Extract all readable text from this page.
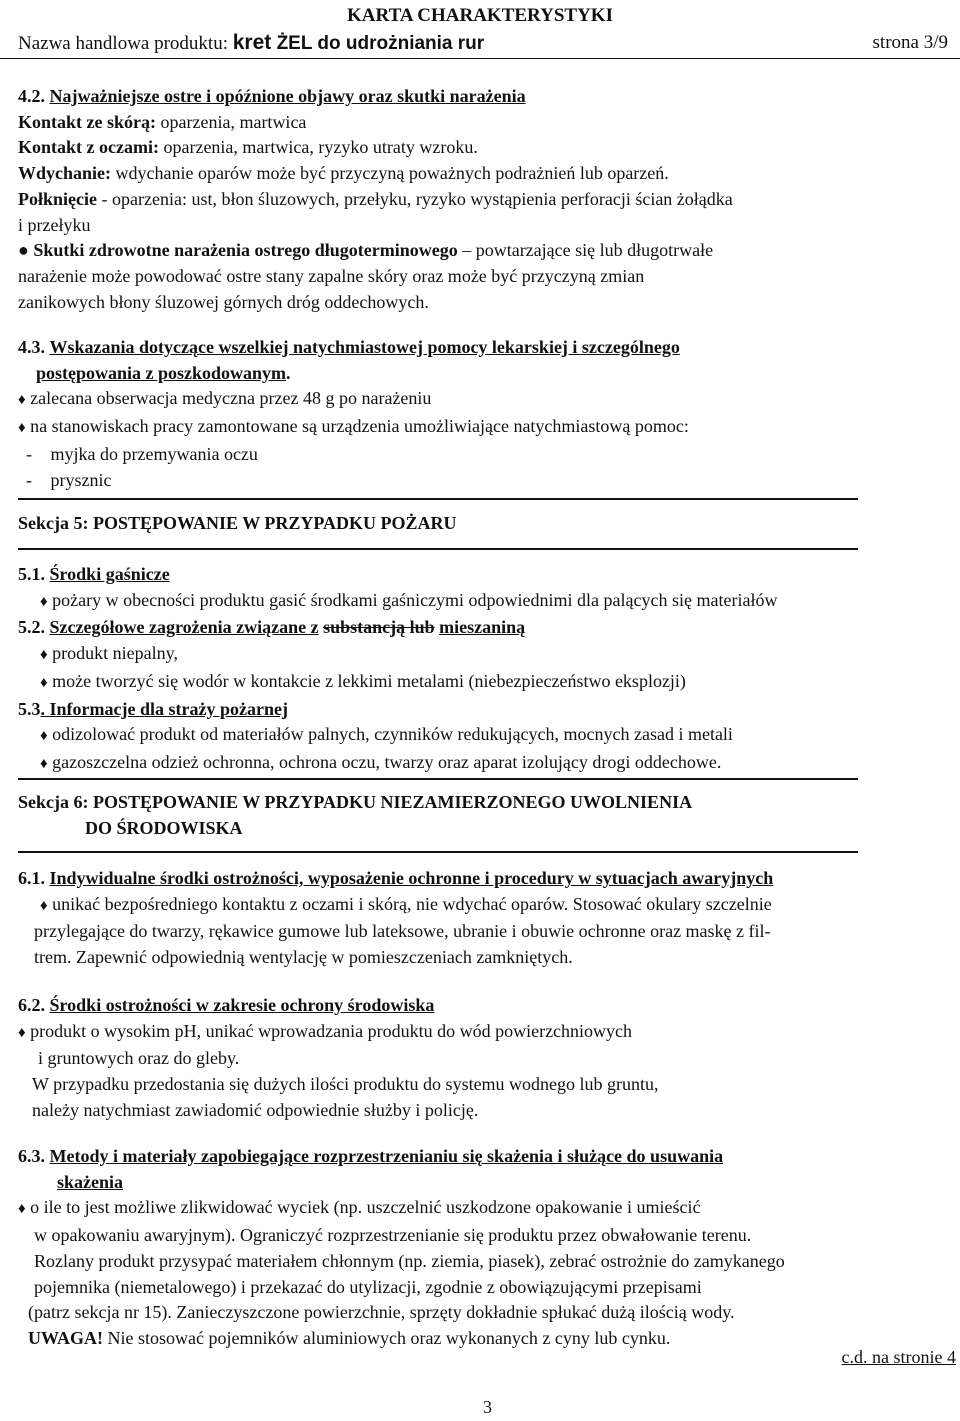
KARTA CHARAKTERYSTYKI
Nazwa handlowa produktu: kret ŻEL do udrożniania rur	strona 3/9

4.2. Najważniejsze ostre i opóźnione objawy oraz skutki narażenia

Kontakt ze skórą: oparzenia, martwica

Kontakt z oczami: oparzenia, martwica, ryzyko utraty wzroku.

Wdychanie: wdychanie oparów może być przyczyną poważnych podrażnień lub oparzeń.

Połknięcie - oparzenia: ust, błon śluzowych, przełyku, ryzyko wystąpienia perforacji ścian żołądka

i przełyku

● Skutki zdrowotne narażenia ostrego długoterminowego – powtarzające się lub długotrwałe

narażenie może powodować ostre stany zapalne skóry oraz może być przyczyną zmian

zanikowych błony śluzowej górnych dróg oddechowych.

4.3. Wskazania dotyczące wszelkiej natychmiastowej pomocy lekarskiej i szczególnego

postępowania z poszkodowanym.

♦ zalecana obserwacja medyczna przez 48 g po narażeniu

♦ na stanowiskach pracy zamontowane są urządzenia umożliwiające natychmiastową pomoc:

- myjka do przemywania oczu

- prysznic

Sekcja 5: POSTĘPOWANIE W PRZYPADKU POŻARU

5.1. Środki gaśnicze

♦ pożary w obecności produktu gasić środkami gaśniczymi odpowiednimi dla palących się materiałów

5.2. Szczegółowe zagrożenia związane z substancją lub mieszaniną

♦ produkt niepalny,

♦ może tworzyć się wodór w kontakcie z lekkimi metalami (niebezpieczeństwo eksplozji)

5.3. Informacje dla straży pożarnej

♦ odizolować produkt od materiałów palnych, czynników redukujących, mocnych zasad i metali

♦ gazoszczelna odzież ochronna, ochrona oczu, twarzy oraz aparat izolujący drogi oddechowe.

Sekcja 6: POSTĘPOWANIE W PRZYPADKU NIEZAMIERZONEGO UWOLNIENIA

DO ŚRODOWISKA

6.1. Indywidualne środki ostrożności, wyposażenie ochronne i procedury w sytuacjach awaryjnych

♦ unikać bezpośredniego kontaktu z oczami i skórą, nie wdychać oparów. Stosować okulary szczelnie

przylegające do twarzy, rękawice gumowe lub lateksowe, ubranie i obuwie ochronne oraz maskę z fil-

trem. Zapewnić odpowiednią wentylację w pomieszczeniach zamkniętych.

6.2. Środki ostrożności w zakresie ochrony środowiska

♦ produkt o wysokim pH, unikać wprowadzania produktu do wód powierzchniowych

i gruntowych oraz do gleby.

W przypadku przedostania się dużych ilości produktu do systemu wodnego lub gruntu,

należy natychmiast zawiadomić odpowiednie służby i policję.

6.3. Metody i materiały zapobiegające rozprzestrzenianiu się skażenia i służące do usuwania

skażenia

♦ o ile to jest możliwe zlikwidować wyciek (np. uszczelnić uszkodzone opakowanie i umieścić

w opakowaniu awaryjnym). Ograniczyć rozprzestrzenianie się produktu przez obwałowanie terenu.

Rozlany produkt przysypać materiałem chłonnym (np. ziemia, piasek), zebrać ostrożnie do zamykanego

pojemnika (niemetalowego) i przekazać do utylizacji, zgodnie z obowiązującymi przepisami

(patrz sekcja nr 15). Zanieczyszczone powierzchnie, sprzęty dokładnie spłukać dużą ilością wody.

UWAGA! Nie stosować pojemników aluminiowych oraz wykonanych z cyny lub cynku.

c.d. na stronie 4
3
